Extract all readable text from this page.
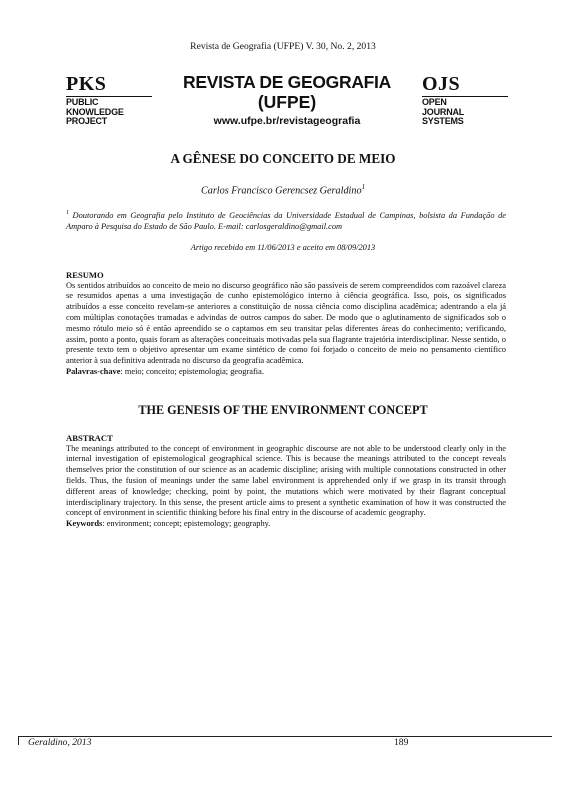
Revista de Geografia (UFPE) V. 30, No. 2, 2013
PKS
PUBLIC
KNOWLEDGE
PROJECT
REVISTA DE GEOGRAFIA
(UFPE)
www.ufpe.br/revistageografia
OJS
OPEN
JOURNAL
SYSTEMS
A GÊNESE DO CONCEITO DE MEIO
Carlos Francisco Gerencsez Geraldino$^1$
$^1$ Doutorando em Geografia pelo Instituto de Geociências da Universidade Estadual de Campinas, bolsista da Fundação de Amparo à Pesquisa do Estado de São Paulo. E-mail: carlosgeraldino@gmail.com
Artigo recebido em 11/06/2013 e aceito em 08/09/2013
RESUMO
Os sentidos atribuídos ao conceito de meio no discurso geográfico não são passíveis de serem compreendidos com razoável clareza se resumidos apenas a uma investigação de cunho epistemológico interno à ciência geográfica. Isso, pois, os significados atribuídos a esse conceito revelam-se anteriores a constituição de nossa ciência como disciplina acadêmica; adentrando a ela já com múltiplas conotações tramadas e advindas de outros campos do saber. De modo que o aglutinamento de significados sob o mesmo rótulo meio só é então apreendido se o captamos em seu transitar pelas diferentes áreas do conhecimento; verificando, assim, ponto a ponto, quais foram as alterações conceituais motivadas pela sua flagrante trajetória interdisciplinar. Nesse sentido, o presente texto tem o objetivo apresentar um exame sintético de como foi forjado o conceito de meio no pensamento científico anterior à sua definitiva adentrada no discurso da geografia acadêmica.
Palavras-chave: meio; conceito; epistemologia; geografia.
THE GENESIS OF THE ENVIRONMENT CONCEPT
ABSTRACT
The meanings attributed to the concept of environment in geographic discourse are not able to be understood clearly only in the internal investigation of epistemological geographical science. This is because the meanings attributed to the concept reveals themselves prior the constitution of our science as an academic discipline; arising with multiple connotations constructed in other fields. Thus, the fusion of meanings under the same label environment is apprehended only if we grasp in its transit through different areas of knowledge; checking, point by point, the mutations which were motivated by their flagrant conceptual interdisciplinary trajectory. In this sense, the present article aims to present a synthetic examination of how it was constructed the concept of environment in scientific thinking before his final entry in the discourse of academic geography.
Keywords: environment; concept; epistemology; geography.
Geraldino, 2013	189
